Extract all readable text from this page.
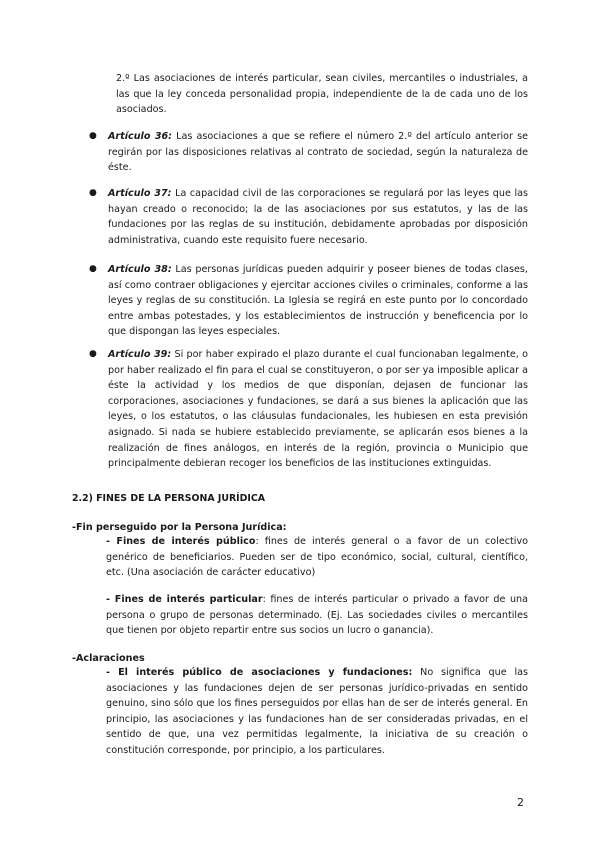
2.º Las asociaciones de interés particular, sean civiles, mercantiles o industriales, a las que la ley conceda personalidad propia, independiente de la de cada uno de los asociados.

● Artículo 36: Las asociaciones a que se refiere el número 2.º del artículo anterior se regirán por las disposiciones relativas al contrato de sociedad, según la naturaleza de éste.

● Artículo 37: La capacidad civil de las corporaciones se regulará por las leyes que las hayan creado o reconocido; la de las asociaciones por sus estatutos, y las de las fundaciones por las reglas de su institución, debidamente aprobadas por disposición administrativa, cuando este requisito fuere necesario.

● Artículo 38: Las personas jurídicas pueden adquirir y poseer bienes de todas clases, así como contraer obligaciones y ejercitar acciones civiles o criminales, conforme a las leyes y reglas de su constitución. La Iglesia se regirá en este punto por lo concordado entre ambas potestades, y los establecimientos de instrucción y beneficencia por lo que dispongan las leyes especiales.

● Artículo 39: Si por haber expirado el plazo durante el cual funcionaban legalmente, o por haber realizado el fin para el cual se constituyeron, o por ser ya imposible aplicar a éste la actividad y los medios de que disponían, dejasen de funcionar las corporaciones, asociaciones y fundaciones, se dará a sus bienes la aplicación que las leyes, o los estatutos, o las cláusulas fundacionales, les hubiesen en esta previsión asignado. Si nada se hubiere establecido previamente, se aplicarán esos bienes a la realización de fines análogos, en interés de la región, provincia o Municipio que principalmente debieran recoger los beneficios de las instituciones extinguidas.

2.2) FINES DE LA PERSONA JURÍDICA

-Fin perseguido por la Persona Jurídica:

- Fines de interés público: fines de interés general o a favor de un colectivo genérico de beneficiarios. Pueden ser de tipo económico, social, cultural, científico, etc. (Una asociación de carácter educativo)

- Fines de interés particular: fines de interés particular o privado a favor de una persona o grupo de personas determinado. (Ej. Las sociedades civiles o mercantiles que tienen por objeto repartir entre sus socios un lucro o ganancia).

-Aclaraciones

- El interés público de asociaciones y fundaciones: No significa que las asociaciones y las fundaciones dejen de ser personas jurídico-privadas en sentido genuino, sino sólo que los fines perseguidos por ellas han de ser de interés general. En principio, las asociaciones y las fundaciones han de ser consideradas privadas, en el sentido de que, una vez permitidas legalmente, la iniciativa de su creación o constitución corresponde, por principio, a los particulares.

2
